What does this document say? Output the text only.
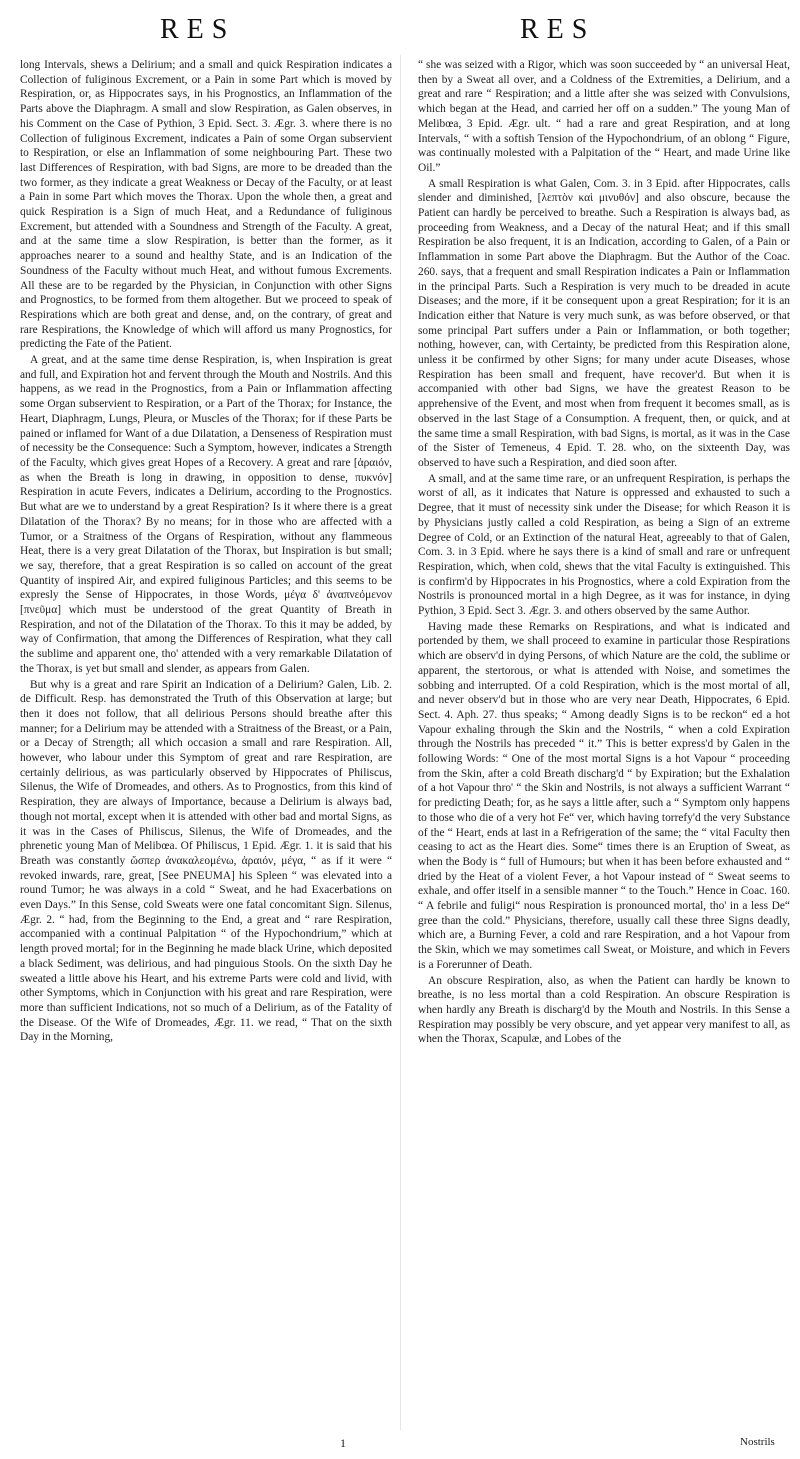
RES	RES

long Intervals, shews a Delirium; and a small and quick Respiration indicates a Collection of fuliginous Excrement, or a Pain in some Part which is moved by Respiration, or, as Hippocrates says, in his Prognostics, an Inflammation of the Parts above the Diaphragm. A small and slow Respiration, as Galen observes, in his Comment on the Case of Pythion, 3 Epid. Sect. 3. Ægr. 3. where there is no Collection of fuliginous Excrement, indicates a Pain of some Organ subservient to Respiration, or else an Inflammation of some neighbouring Part. These two last Differences of Respiration, with bad Signs, are more to be dreaded than the two former, as they indicate a great Weakness or Decay of the Faculty, or at least a Pain in some Part which moves the Thorax. Upon the whole then, a great and quick Respiration is a Sign of much Heat, and a Redundance of fuliginous Excrement, but attended with a Soundness and Strength of the Faculty. A great, and at the same time a slow Respiration, is better than the former, as it approaches nearer to a sound and healthy State, and is an Indication of the Soundness of the Faculty without much Heat, and without fumous Excrements. All these are to be regarded by the Physician, in Conjunction with other Signs and Prognostics, to be formed from them altogether. But we proceed to speak of Respirations which are both great and dense, and, on the contrary, of great and rare Respirations, the Knowledge of which will afford us many Prognostics, for predicting the Fate of the Patient.

A great, and at the same time dense Respiration, is, when Inspiration is great and full, and Expiration hot and fervent through the Mouth and Nostrils. And this happens, as we read in the Prognostics, from a Pain or Inflammation affecting some Organ subservient to Respiration, or a Part of the Thorax; for Instance, the Heart, Diaphragm, Lungs, Pleura, or Muscles of the Thorax; for if these Parts be pained or inflamed for Want of a due Dilatation, a Denseness of Respiration must of necessity be the Consequence: Such a Symptom, however, indicates a Strength of the Faculty, which gives great Hopes of a Recovery. A great and rare [ἀραιόν, as when the Breath is long in drawing, in opposition to dense, πυκνόν] Respiration in acute Fevers, indicates a Delirium, according to the Prognostics. But what are we to understand by a great Respiration? Is it where there is a great Dilatation of the Thorax? By no means; for in those who are affected with a Tumor, or a Straitness of the Organs of Respiration, without any flammeous Heat, there is a very great Dilatation of the Thorax, but Inspiration is but small; we say, therefore, that a great Respiration is so called on account of the great Quantity of inspired Air, and expired fuliginous Particles; and this seems to be expresly the Sense of Hippocrates, in those Words, μέγα δ' ἀναπνεόμενον [πνεῦμα] which must be understood of the great Quantity of Breath in Respiration, and not of the Dilatation of the Thorax. To this it may be added, by way of Confirmation, that among the Differences of Respiration, what they call the sublime and apparent one, tho' attended with a very remarkable Dilatation of the Thorax, is yet but small and slender, as appears from Galen.

But why is a great and rare Spirit an Indication of a Delirium? Galen, Lib. 2. de Difficult. Resp. has demonstrated the Truth of this Observation at large; but then it does not follow, that all delirious Persons should breathe after this manner; for a Delirium may be attended with a Straitness of the Breast, or a Pain, or a Decay of Strength; all which occasion a small and rare Respiration. All, however, who labour under this Symptom of great and rare Respiration, are certainly delirious, as was particularly observed by Hippocrates of Philiscus, Silenus, the Wife of Dromeades, and others. As to Prognostics, from this kind of Respiration, they are always of Importance, because a Delirium is always bad, though not mortal, except when it is attended with other bad and mortal Signs, as it was in the Cases of Philiscus, Silenus, the Wife of Dromeades, and the phrenetic young Man of Melibœa. Of Philiscus, 1 Epid. Ægr. 1. it is said that his Breath was constantly ὥσπερ ἀνακαλεομένω, ἀραιόν, μέγα, “ as if it were “ revoked inwards, rare, great, [See PNEUMA] his Spleen “ was elevated into a round Tumor; he was always in a cold “ Sweat, and he had Exacerbations on even Days.” In this Sense, cold Sweats were one fatal concomitant Sign. Silenus, Ægr. 2. “ had, from the Beginning to the End, a great and “ rare Respiration, accompanied with a continual Palpitation “ of the Hypochondrium,” which at length proved mortal; for in the Beginning he made black Urine, which deposited a black Sediment, was delirious, and had pinguious Stools. On the sixth Day he sweated a little above his Heart, and his extreme Parts were cold and livid, with other Symptoms, which in Conjunction with his great and rare Respiration, were more than sufficient Indications, not so much of a Delirium, as of the Fatality of the Disease. Of the Wife of Dromeades, Ægr. 11. we read, “ That on the sixth Day in the Morning,

“ she was seized with a Rigor, which was soon succeeded by “ an universal Heat, then by a Sweat all over, and a Coldness of the Extremities, a Delirium, and a great and rare “ Respiration; and a little after she was seized with Convulsions, which began at the Head, and carried her off on a sudden.” The young Man of Melibœa, 3 Epid. Ægr. ult. “ had a rare and great Respiration, and at long Intervals, “ with a softish Tension of the Hypochondrium, of an oblong “ Figure, was continually molested with a Palpitation of the “ Heart, and made Urine like Oil.”

A small Respiration is what Galen, Com. 3. in 3 Epid. after Hippocrates, calls slender and diminished, [λεπτὸν καὶ μινυθόν] and also obscure, because the Patient can hardly be perceived to breathe. Such a Respiration is always bad, as proceeding from Weakness, and a Decay of the natural Heat; and if this small Respiration be also frequent, it is an Indication, according to Galen, of a Pain or Inflammation in some Part above the Diaphragm. But the Author of the Coac. 260. says, that a frequent and small Respiration indicates a Pain or Inflammation in the principal Parts. Such a Respiration is very much to be dreaded in acute Diseases; and the more, if it be consequent upon a great Respiration; for it is an Indication either that Nature is very much sunk, as was before observed, or that some principal Part suffers under a Pain or Inflammation, or both together; nothing, however, can, with Certainty, be predicted from this Respiration alone, unless it be confirmed by other Signs; for many under acute Diseases, whose Respiration has been small and frequent, have recover'd. But when it is accompanied with other bad Signs, we have the greatest Reason to be apprehensive of the Event, and most when from frequent it becomes small, as is observed in the last Stage of a Consumption. A frequent, then, or quick, and at the same time a small Respiration, with bad Signs, is mortal, as it was in the Case of the Sister of Temeneus, 4 Epid. T. 28. who, on the sixteenth Day, was observed to have such a Respiration, and died soon after.

A small, and at the same time rare, or an unfrequent Respiration, is perhaps the worst of all, as it indicates that Nature is oppressed and exhausted to such a Degree, that it must of necessity sink under the Disease; for which Reason it is by Physicians justly called a cold Respiration, as being a Sign of an extreme Degree of Cold, or an Extinction of the natural Heat, agreeably to that of Galen, Com. 3. in 3 Epid. where he says there is a kind of small and rare or unfrequent Respiration, which, when cold, shews that the vital Faculty is extinguished. This is confirm'd by Hippocrates in his Prognostics, where a cold Expiration from the Nostrils is pronounced mortal in a high Degree, as it was for instance, in dying Pythion, 3 Epid. Sect 3. Ægr. 3. and others observed by the same Author.

Having made these Remarks on Respirations, and what is indicated and portended by them, we shall proceed to examine in particular those Respirations which are observ'd in dying Persons, of which Nature are the cold, the sublime or apparent, the stertorous, or what is attended with Noise, and sometimes the sobbing and interrupted. Of a cold Respiration, which is the most mortal of all, and never observ'd but in those who are very near Death, Hippocrates, 6 Epid. Sect. 4. Aph. 27. thus speaks; “ Among deadly Signs is to be reckon“ ed a hot Vapour exhaling through the Skin and the Nostrils, “ when a cold Expiration through the Nostrils has preceded “ it.” This is better express'd by Galen in the following Words: “ One of the most mortal Signs is a hot Vapour “ proceeding from the Skin, after a cold Breath discharg'd “ by Expiration; but the Exhalation of a hot Vapour thro' “ the Skin and Nostrils, is not always a sufficient Warrant “ for predicting Death; for, as he says a little after, such a “ Symptom only happens to those who die of a very hot Fe“ ver, which having torrefy'd the very Substance of the “ Heart, ends at last in a Refrigeration of the same; the “ vital Faculty then ceasing to act as the Heart dies. Some“ times there is an Eruption of Sweat, as when the Body is “ full of Humours; but when it has been before exhausted and “ dried by the Heat of a violent Fever, a hot Vapour instead of “ Sweat seems to exhale, and offer itself in a sensible manner “ to the Touch.” Hence in Coac. 160. “ A febrile and fuligi“ nous Respiration is pronounced mortal, tho' in a less De“ gree than the cold.” Physicians, therefore, usually call these three Signs deadly, which are, a Burning Fever, a cold and rare Respiration, and a hot Vapour from the Skin, which we may sometimes call Sweat, or Moisture, and which in Fevers is a Forerunner of Death.

An obscure Respiration, also, as when the Patient can hardly be known to breathe, is no less mortal than a cold Respiration. An obscure Respiration is when hardly any Breath is discharg'd by the Mouth and Nostrils. In this Sense a Respiration may possibly be very obscure, and yet appear very manifest to all, as when the Thorax, Scapulæ, and Lobes of the

1	Nostrils
